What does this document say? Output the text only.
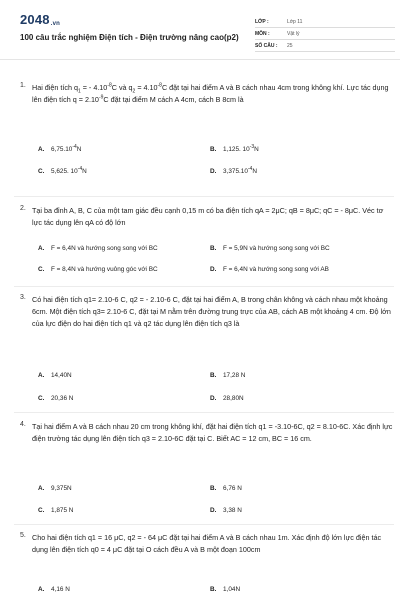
2048.vn
100 câu trắc nghiệm Điện tích - Điện trường nâng cao(p2)
LỚP :	Lớp 11
MÔN :	Vật lý
SỐ CÂU :	25
1. Hai điện tích $q_1$ = - $4.10^{-8}C$ và $q_2 = 4.10^{-8}C$ đặt tại hai điểm A và B cách nhau 4cm trong không khí. Lực tác dụng lên điện tích $q = 2.10^{-9}C$ đặt tại điểm M cách A 4cm, cách B 8cm là
A. $6,75.10^{-4}N$	B. 1,125. $10^{-3}N$
C. 5,625. $10^{-4}N$	D. $3,375.10^{-4}N$
2. Tại ba đỉnh A, B, C của một tam giác đều cạnh 0,15 m có ba điện tích qA = 2μC; qB = 8μC; qC = - 8μC. Véc tơ lực tác dụng lên qA có độ lớn
A. F = 6,4N và hướng song song với BC	B. F = 5,9N và hướng song song với BC
C. F = 8,4N và hướng vuông góc với BC	D. F = 6,4N và hướng song song với AB
3. Có hai điện tích q1= 2.10-6 C, q2 = - 2.10-6 C, đặt tại hai điểm A, B trong chân không và cách nhau một khoảng 6cm. Một điện tích q3= 2.10-6 C, đặt tại M nằm trên đường trung trực của AB, cách AB một khoảng 4 cm. Độ lớn của lực điện do hai điện tích q1 và q2 tác dụng lên điện tích q3 là
A. 14,40N	B. 17,28 N
C. 20,36 N	D. 28,80N
4. Tại hai điểm A và B cách nhau 20 cm trong không khí, đặt hai điện tích q1 = -3.10-6C, q2 = 8.10-6C. Xác định lực điện trường tác dụng lên điện tích q3 = 2.10-6C đặt tại C. Biết AC = 12 cm, BC = 16 cm.
A. 9,375N	B. 6,76 N
C. 1,875 N	D. 3,38 N
5. Cho hai điện tích q1 = 16 μC, q2 = - 64 μC đặt tại hai điểm A và B cách nhau 1m. Xác định độ lớn lực điện tác dụng lên điện tích q0 = 4 μC đặt tại O cách đều A và B một đoạn 100cm
A. 4,16 N	B. 1,04N
